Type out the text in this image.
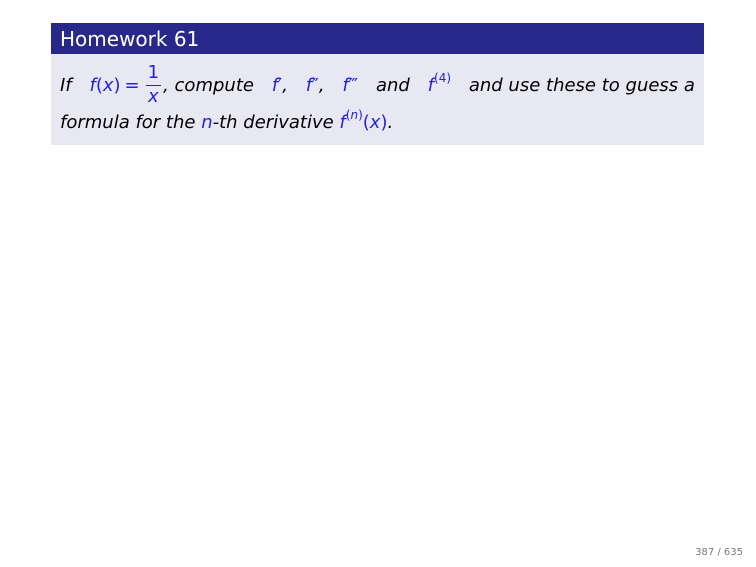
Homework 61
If f ( x ) = $\frac{1}{x}$ , compute f′, f″, f‴ and $f^{(4)}$ and use these to guess a
formula for the n-th derivative $f^{(n)}(x)$.
387 / 635
